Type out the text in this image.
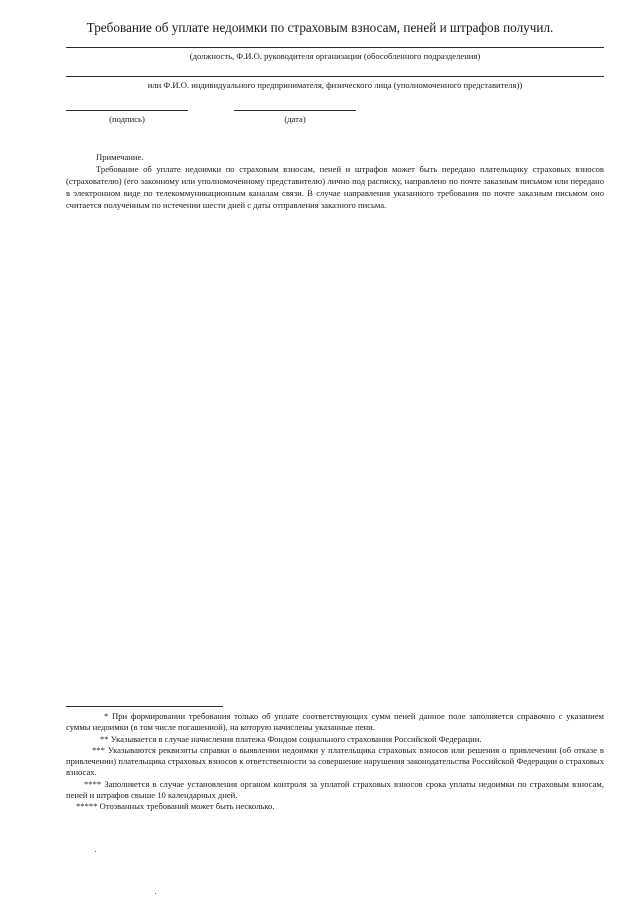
Требование об уплате недоимки по страховым взносам, пеней и штрафов получил.
(должность, Ф.И.О. руководителя организации (обособленного подразделения)
или Ф.И.О. индивидуального предпринимателя, физического лица (уполномоченного представителя))
(подпись)	(дата)

Примечание.

Требование об уплате недоимки по страховым взносам, пеней и штрафов может быть передано плательщику страховых взносов (страхователю) (его законному или уполномоченному представителю) лично под расписку, направлено по почте заказным письмом или передано в электронном виде по телекоммуникационным каналам связи. В случае направления указанного требования по почте заказным письмом оно считается полученным по истечении шести дней с даты отправления заказного письма.

* При формировании требования только об уплате соответствующих сумм пеней данное поле заполняется справочно с указанием суммы недоимки (в том числе погашенной), на которую начислены указанные пени.

** Указывается в случае начисления платежа Фондом социального страхования Российской Федерации.

*** Указываются реквизиты справки о выявлении недоимки у плательщика страховых взносов или решения о привлечении (об отказе в привлечении) плательщика страховых взносов к ответственности за совершение нарушения законодательства Российской Федерации о страховых взносах.

**** Заполняется в случае установления органом контроля за уплатой страховых взносов срока уплаты недоимки по страховым взносам, пеней и штрафов свыше 10 календарных дней.

***** Отозванных требований может быть несколько.
